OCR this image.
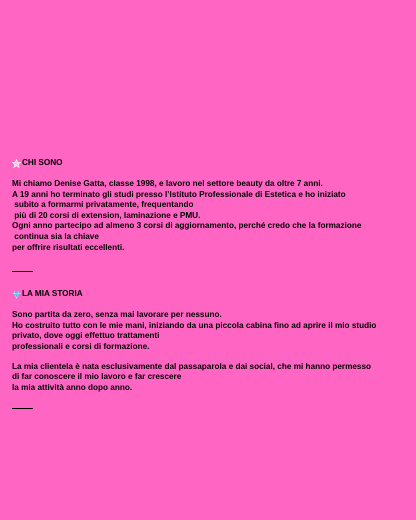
CHI SONO

Mi chiamo Denise Gatta, classe 1998, e lavoro nel settore beauty da oltre 7 anni.
A 19 anni ho terminato gli studi presso l’Istituto Professionale di Estetica e ho iniziato
subito a formarmi privatamente, frequentando
più di 20 corsi di extension, laminazione e PMU.
Ogni anno partecipo ad almeno 3 corsi di aggiornamento, perché credo che la formazione
continua sia la chiave
per offrire risultati eccellenti.

LA MIA STORIA

Sono partita da zero, senza mai lavorare per nessuno.
Ho costruito tutto con le mie mani, iniziando da una piccola cabina fino ad aprire il mio studio
privato, dove oggi effettuo trattamenti
professionali e corsi di formazione.

La mia clientela è nata esclusivamente dal passaparola e dai social, che mi hanno permesso
di far conoscere il mio lavoro e far crescere
la mia attività anno dopo anno.
